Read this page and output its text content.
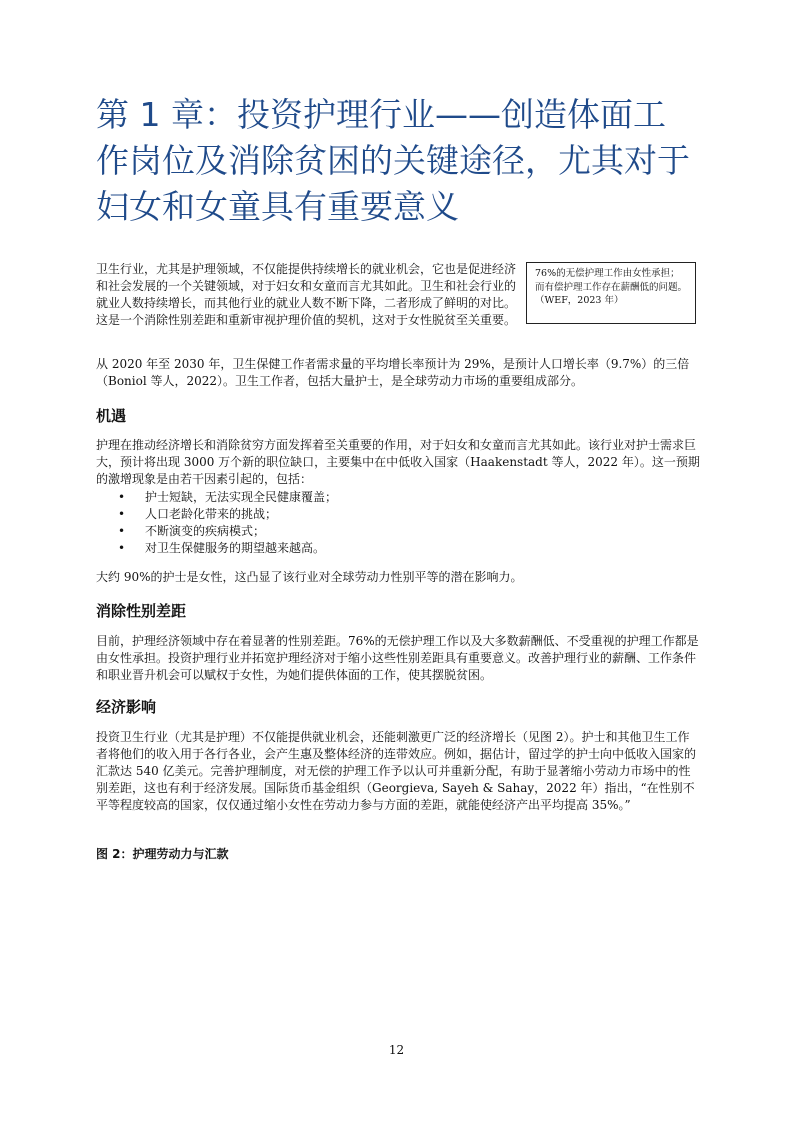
第 1 章：投资护理行业——创造体面工作岗位及消除贫困的关键途径，尤其对于妇女和女童具有重要意义

卫生行业，尤其是护理领域，不仅能提供持续增长的就业机会，它也是促进经济和社会发展的一个关键领域，对于妇女和女童而言尤其如此。卫生和社会行业的就业人数持续增长，而其他行业的就业人数不断下降，二者形成了鲜明的对比。这是一个消除性别差距和重新审视护理价值的契机，这对于女性脱贫至关重要。

76%的无偿护理工作由女性承担；而有偿护理工作存在薪酬低的问题。
（WEF，2023 年）

从 2020 年至 2030 年，卫生保健工作者需求量的平均增长率预计为 29%，是预计人口增长率（9.7%）的三倍（Boniol 等人，2022）。卫生工作者，包括大量护士，是全球劳动力市场的重要组成部分。

机遇

护理在推动经济增长和消除贫穷方面发挥着至关重要的作用，对于妇女和女童而言尤其如此。该行业对护士需求巨大，预计将出现 3000 万个新的职位缺口，主要集中在中低收入国家（Haakenstadt 等人，2022 年）。这一预期的激增现象是由若干因素引起的，包括：

• 护士短缺，无法实现全民健康覆盖；
• 人口老龄化带来的挑战；
• 不断演变的疾病模式；
• 对卫生保健服务的期望越来越高。

大约 90%的护士是女性，这凸显了该行业对全球劳动力性别平等的潜在影响力。

消除性别差距

目前，护理经济领域中存在着显著的性别差距。76%的无偿护理工作以及大多数薪酬低、不受重视的护理工作都是由女性承担。投资护理行业并拓宽护理经济对于缩小这些性别差距具有重要意义。改善护理行业的薪酬、工作条件和职业晋升机会可以赋权于女性，为她们提供体面的工作，使其摆脱贫困。

经济影响

投资卫生行业（尤其是护理）不仅能提供就业机会，还能刺激更广泛的经济增长（见图 2）。护士和其他卫生工作者将他们的收入用于各行各业，会产生惠及整体经济的连带效应。例如，据估计，留过学的护士向中低收入国家的汇款达 540 亿美元。完善护理制度，对无偿的护理工作予以认可并重新分配，有助于显著缩小劳动力市场中的性别差距，这也有利于经济发展。国际货币基金组织（Georgieva, Sayeh & Sahay，2022 年）指出，“在性别不平等程度较高的国家，仅仅通过缩小女性在劳动力参与方面的差距，就能使经济产出平均提高 35%。”

图 2：护理劳动力与汇款

12
